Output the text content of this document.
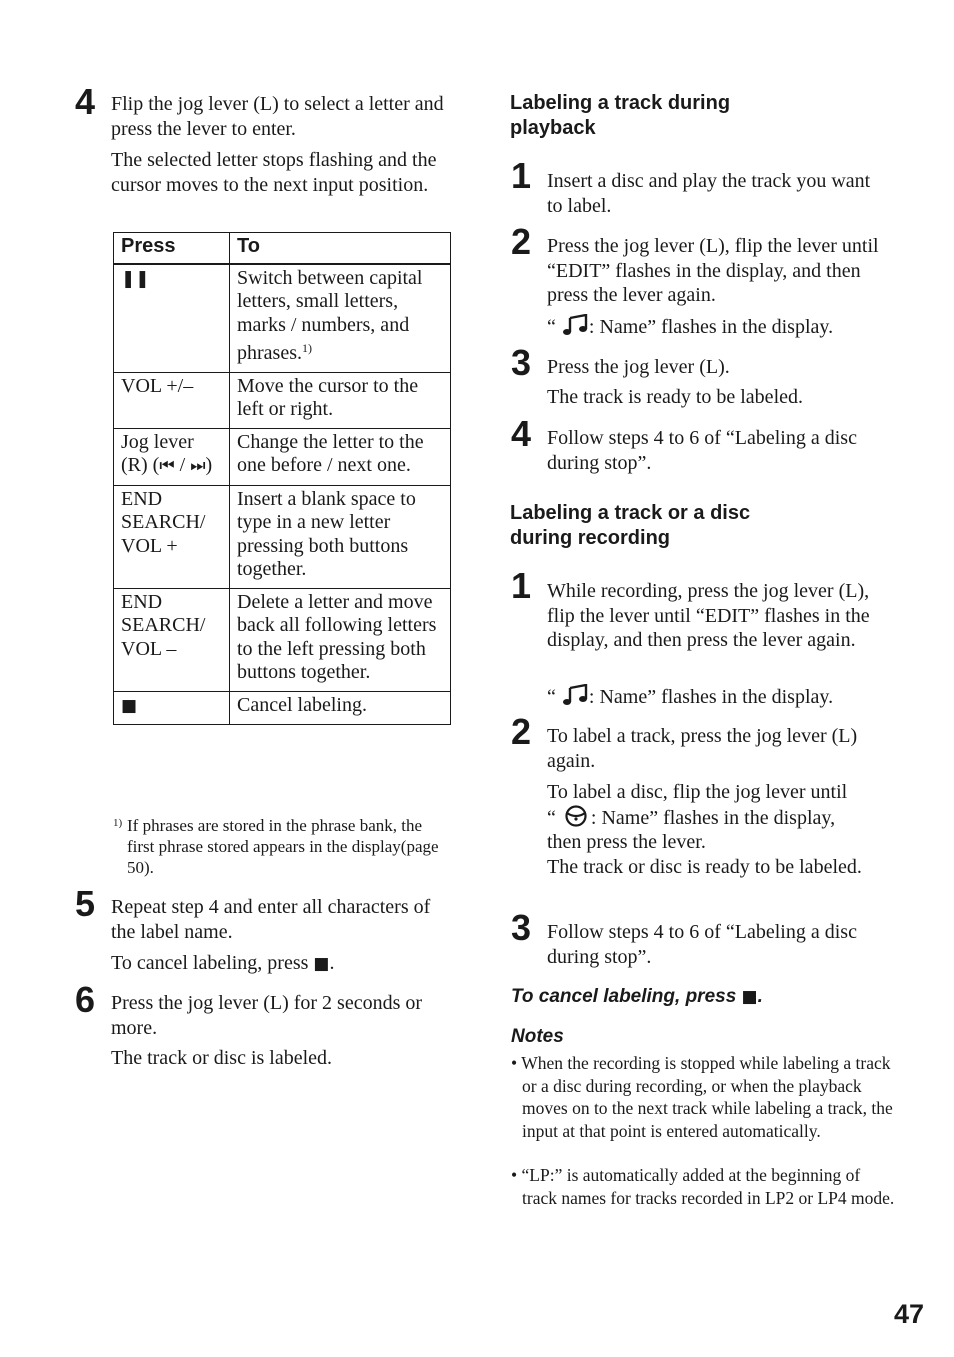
4 Flip the jog lever (L) to select a letter and press the lever to enter.

The selected letter stops flashing and the cursor moves to the next input position.

Press	To
❚❚	Switch between capital letters, small letters, marks / numbers, and phrases.$^{1)}$
VOL +/–	Move the cursor to the left or right.
Jog lever (R) (⏮ / ⏭)	Change the letter to the one before / next one.
END SEARCH/ VOL +	Insert a blank space to type in a new letter pressing both buttons together.
END SEARCH/ VOL –	Delete a letter and move back all following letters to the left pressing both buttons together.
■	Cancel labeling.
1) If phrases are stored in the phrase bank, the first phrase stored appears in the display(page 50).
5 Repeat step 4 and enter all characters of the label name.

To cancel labeling, press ■.

6 Press the jog lever (L) for 2 seconds or more.

The track or disc is labeled.

Labeling a track during
playback
1 Insert a disc and play the track you want to label.

2 Press the jog lever (L), flip the lever until “EDIT” flashes in the display, and then press the lever again.

“ : Name” flashes in the display.

3 Press the jog lever (L).

The track is ready to be labeled.

4 Follow steps 4 to 6 of “Labeling a disc during stop”.

Labeling a track or a disc
during recording
1 While recording, press the jog lever (L), flip the lever until “EDIT” flashes in the display, and then press the lever again.

“ : Name” flashes in the display.

2 To label a track, press the jog lever (L) again.

To label a disc, flip the jog lever until
“ : Name” flashes in the display,
then press the lever.
The track or disc is ready to be labeled.
3 Follow steps 4 to 6 of “Labeling a disc during stop”.

To cancel labeling, press ■.
Notes

• When the recording is stopped while labeling a track or a disc during recording, or when the playback moves on to the next track while labeling a track, the input at that point is entered automatically.

• “LP:” is automatically added at the beginning of track names for tracks recorded in LP2 or LP4 mode.

47
